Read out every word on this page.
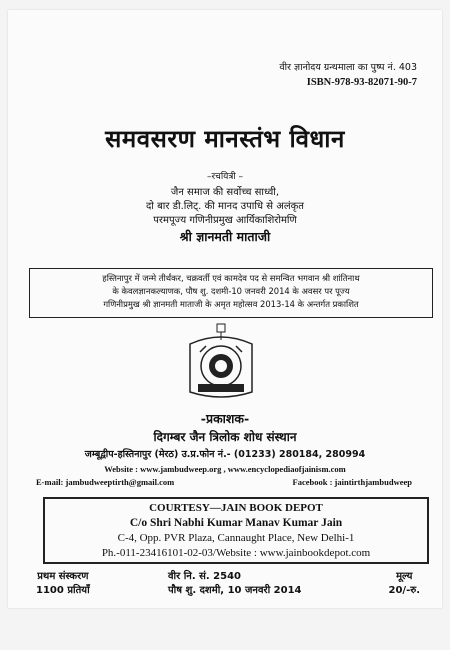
वीर ज्ञानोदय ग्रन्थमाला का पुष्प नं. 403
ISBN-978-93-82071-90-7
समवसरण मानस्तंभ विधान
–रचयित्री –
जैन समाज की सर्वोच्च साध्वी,
दो बार डी.लिट्. की मानद उपाधि से अलंकृत
परमपूज्य गणिनीप्रमुख आर्यिकाशिरोमणि
श्री ज्ञानमती माताजी
हस्तिनापुर में जन्मे तीर्थंकर, चक्रवर्ती एवं कामदेव पद से समन्वित भगवान श्री शांतिनाथ
के केवलज्ञानकल्याणक, पौष शु. दशमी-10 जनवरी 2014 के अवसर पर पूज्य
गणिनीप्रमुख श्री ज्ञानमती माताजी के अमृत महोत्सव 2013-14 के अन्तर्गत प्रकाशित
-प्रकाशक-
दिगम्बर जैन त्रिलोक शोध संस्थान
जम्बूद्वीप-हस्तिनापुर (मेरठ) उ.प्र.फोन नं.- (01233) 280184, 280994
Website : www.jambudweep.org , www.encyclopediaofjainism.com
E-mail: jambudweeptirth@gmail.com	Facebook : jaintirthjambudweep
COURTESY—JAIN BOOK DEPOT
C/o Shri Nabhi Kumar Manav Kumar Jain
C-4, Opp. PVR Plaza, Cannaught Place, New Delhi-1
Ph.-011-23416101-02-03/Website : www.jainbookdepot.com
प्रथम संस्करण
1100 प्रतियाँ
वीर नि. सं. 2540
पौष शु. दशमी, 10 जनवरी 2014
मूल्य
20/-रु.
